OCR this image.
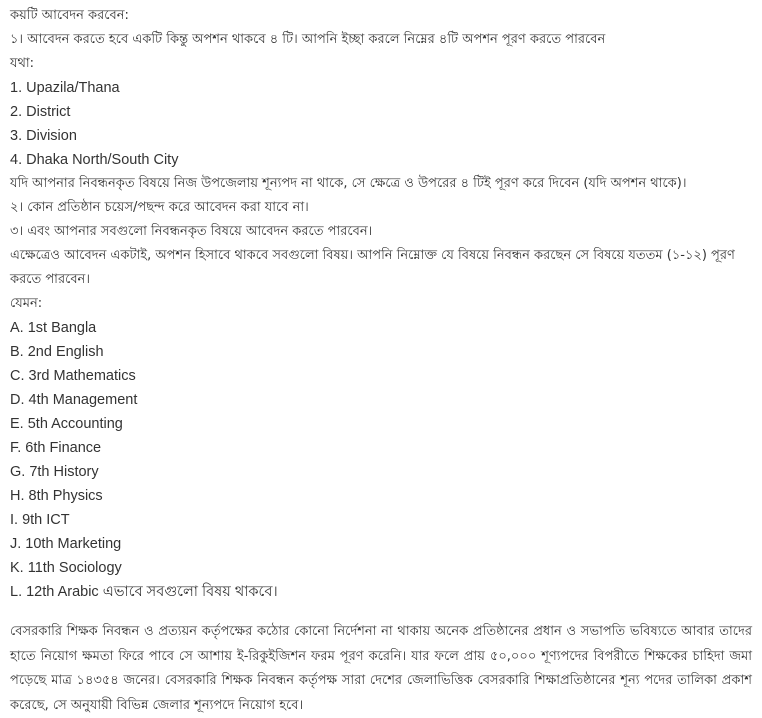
কয়টি আবেদন করবেন:
১। আবেদন করতে হবে একটি কিন্তু অপশন থাকবে ৪ টি। আপনি ইচ্ছা করলে নিম্নের ৪টি অপশন পূরণ করতে পারবেন
যথা:
1. Upazila/Thana
2. District
3. Division
4. Dhaka North/South City
যদি আপনার নিবন্ধনকৃত বিষয়ে নিজ উপজেলায় শূন্যপদ না থাকে, সে ক্ষেত্রে ও উপরের ৪ টিই পূরণ করে দিবেন (যদি অপশন থাকে)।
২। কোন প্রতিষ্ঠান চয়েস/পছন্দ করে আবেদন করা যাবে না।
৩। এবং আপনার সবগুলো নিবন্ধনকৃত বিষয়ে আবেদন করতে পারবেন।
এক্ষেত্রেও আবেদন একটাই, অপশন হিসাবে থাকবে সবগুলো বিষয়। আপনি নিম্নোক্ত যে বিষয়ে নিবন্ধন করছেন সে বিষয়ে যততম (১-১২) পূরণ করতে পারবেন।
যেমন:
A. 1st Bangla
B. 2nd English
C. 3rd Mathematics
D. 4th Management
E. 5th Accounting
F. 6th Finance
G. 7th History
H. 8th Physics
I. 9th ICT
J. 10th Marketing
K. 11th Sociology
L. 12th Arabic এভাবে সবগুলো বিষয় থাকবে।
বেসরকারি শিক্ষক নিবন্ধন ও প্রত্যয়ন কর্তৃপক্ষের কঠোর কোনো নির্দেশনা না থাকায় অনেক প্রতিষ্ঠানের প্রধান ও সভাপতি ভবিষ্যতে আবার তাদের হাতে নিয়োগ ক্ষমতা ফিরে পাবে সে আশায় ই-রিকুইজিশন ফরম পূরণ করেনি। যার ফলে প্রায় ৫০,০০০ শূণ্যপদের বিপরীতে শিক্ষকের চাহিদা জমা পড়েছে মাত্র ১৪৩৫৪ জনের। বেসরকারি শিক্ষক নিবন্ধন কর্তৃপক্ষ সারা দেশের জেলাভিত্তিক বেসরকারি শিক্ষাপ্রতিষ্ঠানের শূন্য পদের তালিকা প্রকাশ করেছে, সে অনুযায়ী বিভিন্ন জেলার শূন্যপদে নিয়োগ হবে।
